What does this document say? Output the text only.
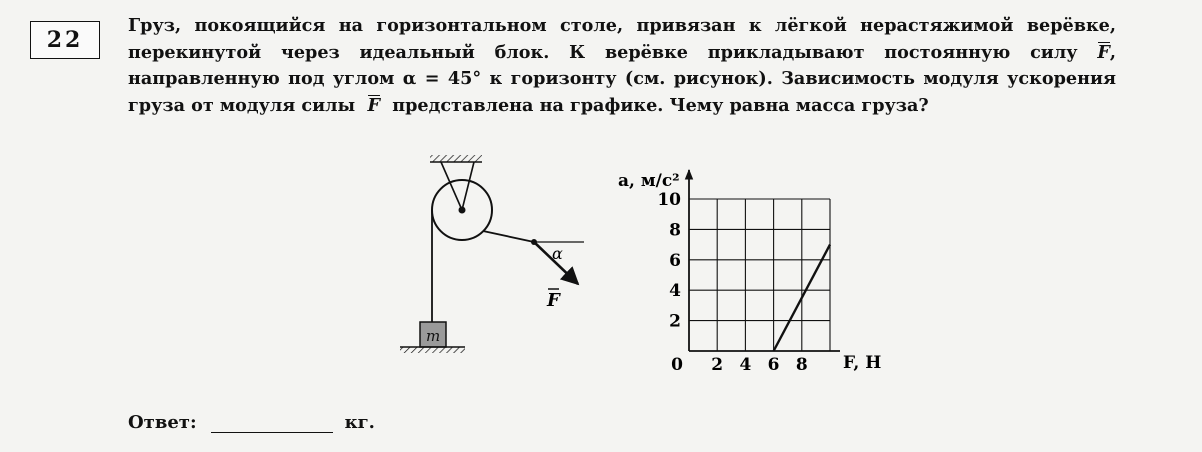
22
Груз, покоящийся на горизонтальном столе, привязан к лёгкой нерастяжимой верёвке,
перекинутой через идеальный блок. К верёвке прикладывают постоянную силу F,
направленную под углом α = 45° к горизонту (см. рисунок). Зависимость модуля ускорения
груза от модуля силы F представлена на графике. Чему равна масса груза?
α
F
m
2
4
6
8
10
0 2 4 6 8
a, м/с²
F, Н
Ответ:	кг.
